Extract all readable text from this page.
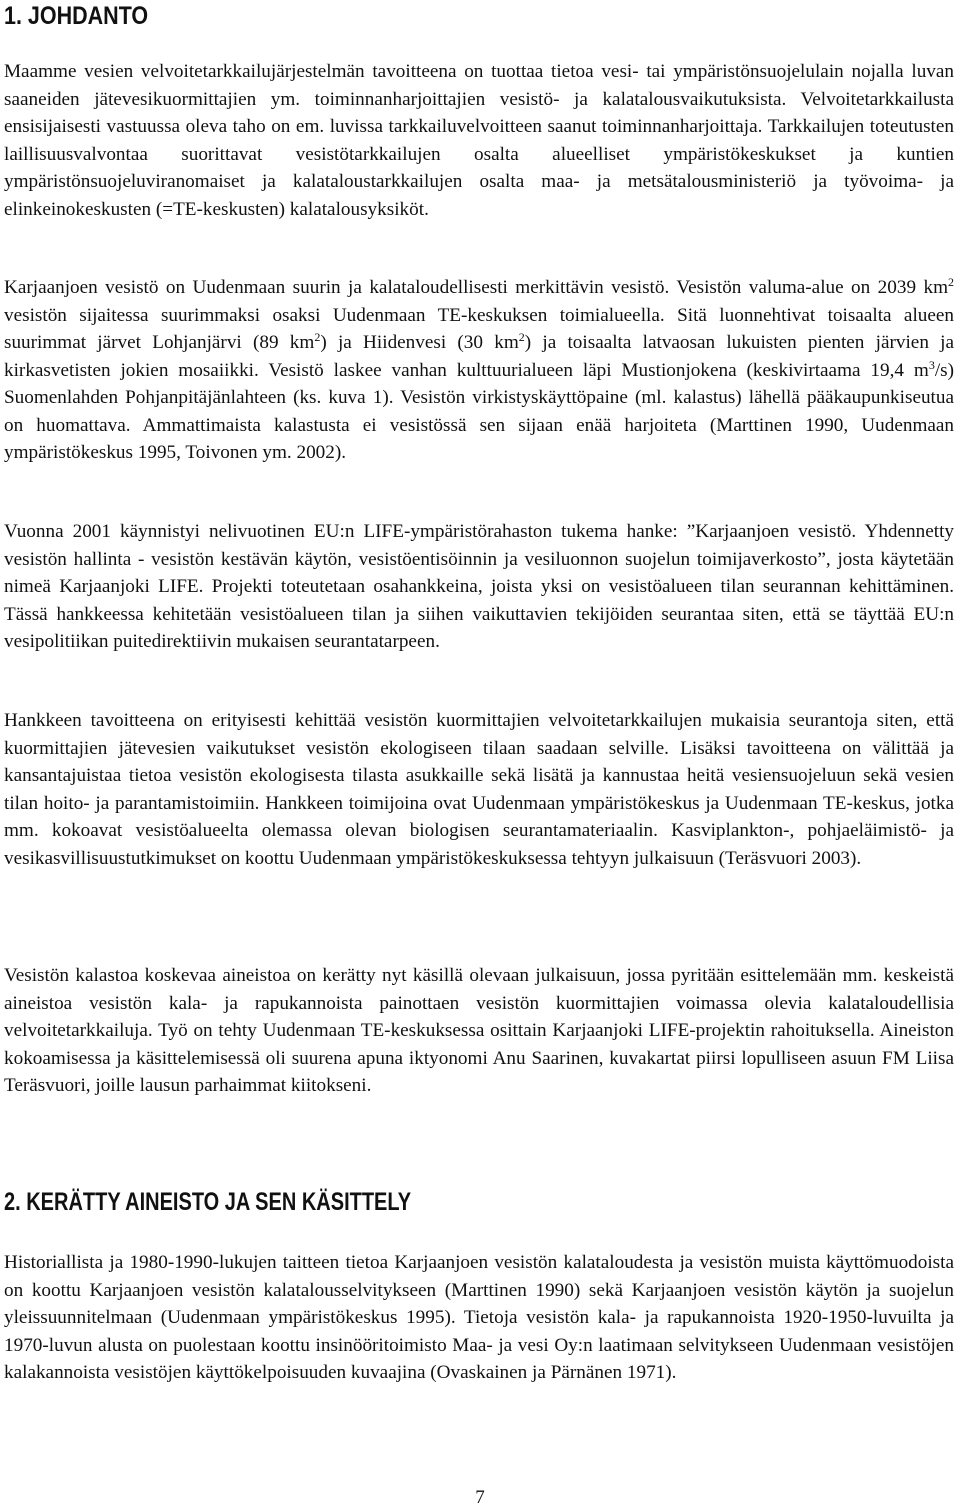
1. JOHDANTO

Maamme vesien velvoitetarkkailujärjestelmän tavoitteena on tuottaa tietoa vesi- tai ympäristönsuojelulain nojalla luvan saaneiden jätevesikuormittajien ym. toiminnanharjoittajien vesistö- ja kalatalousvaikutuksista. Velvoitetarkkailusta ensisijaisesti vastuussa oleva taho on em. luvissa tarkkailuvelvoitteen saanut toiminnanharjoittaja. Tarkkailujen toteutusten laillisuusvalvontaa suorittavat vesistötarkkailujen osalta alueelliset ympäristökeskukset ja kuntien ympäristönsuojeluviranomaiset ja kalataloustarkkailujen osalta maa- ja metsätalousministeriö ja työvoima- ja elinkeinokeskusten (=TE-keskusten) kalatalousyksiköt.

Karjaanjoen vesistö on Uudenmaan suurin ja kalataloudellisesti merkittävin vesistö. Vesistön valuma-alue on 2039 $km^2$ vesistön sijaitessa suurimmaksi osaksi Uudenmaan TE-keskuksen toimialueella. Sitä luonnehtivat toisaalta alueen suurimmat järvet Lohjanjärvi (89 $km^2$) ja Hiidenvesi (30 $km^2$) ja toisaalta latvaosan lukuisten pienten järvien ja kirkasvetisten jokien mosaiikki. Vesistö laskee vanhan kulttuurialueen läpi Mustionjokena (keskivirtaama 19,4 $m^3/s$) Suomenlahden Pohjanpitäjänlahteen (ks. kuva 1). Vesistön virkistyskäyttöpaine (ml. kalastus) lähellä pääkaupunkiseutua on huomattava. Ammattimaista kalastusta ei vesistössä sen sijaan enää harjoiteta (Marttinen 1990, Uudenmaan ympäristökeskus 1995, Toivonen ym. 2002).

Vuonna 2001 käynnistyi nelivuotinen EU:n LIFE-ympäristörahaston tukema hanke: ”Karjaanjoen vesistö. Yhdennetty vesistön hallinta - vesistön kestävän käytön, vesistöentisöinnin ja vesiluonnon suojelun toimijaverkosto”, josta käytetään nimeä Karjaanjoki LIFE. Projekti toteutetaan osahankkeina, joista yksi on vesistöalueen tilan seurannan kehittäminen. Tässä hankkeessa kehitetään vesistöalueen tilan ja siihen vaikuttavien tekijöiden seurantaa siten, että se täyttää EU:n vesipolitiikan puitedirektiivin mukaisen seurantatarpeen.

Hankkeen tavoitteena on erityisesti kehittää vesistön kuormittajien velvoitetarkkailujen mukaisia seurantoja siten, että kuormittajien jätevesien vaikutukset vesistön ekologiseen tilaan saadaan selville. Lisäksi tavoitteena on välittää ja kansantajuistaa tietoa vesistön ekologisesta tilasta asukkaille sekä lisätä ja kannustaa heitä vesiensuojeluun sekä vesien tilan hoito- ja parantamistoimiin. Hankkeen toimijoina ovat Uudenmaan ympäristökeskus ja Uudenmaan TE-keskus, jotka mm. kokoavat vesistöalueelta olemassa olevan biologisen seurantamateriaalin. Kasviplankton-, pohjaeläimistö- ja vesikasvillisuustutkimukset on koottu Uudenmaan ympäristökeskuksessa tehtyyn julkaisuun (Teräsvuori 2003).

Vesistön kalastoa koskevaa aineistoa on kerätty nyt käsillä olevaan julkaisuun, jossa pyritään esittelemään mm. keskeistä aineistoa vesistön kala- ja rapukannoista painottaen vesistön kuormittajien voimassa olevia kalataloudellisia velvoitetarkkailuja. Työ on tehty Uudenmaan TE-keskuksessa osittain Karjaanjoki LIFE-projektin rahoituksella. Aineiston kokoamisessa ja käsittelemisessä oli suurena apuna iktyonomi Anu Saarinen, kuvakartat piirsi lopulliseen asuun FM Liisa Teräsvuori, joille lausun parhaimmat kiitokseni.

2. KERÄTTY AINEISTO JA SEN KÄSITTELY

Historiallista ja 1980-1990-lukujen taitteen tietoa Karjaanjoen vesistön kalataloudesta ja vesistön muista käyttömuodoista on koottu Karjaanjoen vesistön kalatalousselvitykseen (Marttinen 1990) sekä Karjaanjoen vesistön käytön ja suojelun yleissuunnitelmaan (Uudenmaan ympäristökeskus 1995). Tietoja vesistön kala- ja rapukannoista 1920-1950-luvuilta ja 1970-luvun alusta on puolestaan koottu insinööritoimisto Maa- ja vesi Oy:n laatimaan selvitykseen Uudenmaan vesistöjen kalakannoista vesistöjen käyttökelpoisuuden kuvaajina (Ovaskainen ja Pärnänen 1971).

7
